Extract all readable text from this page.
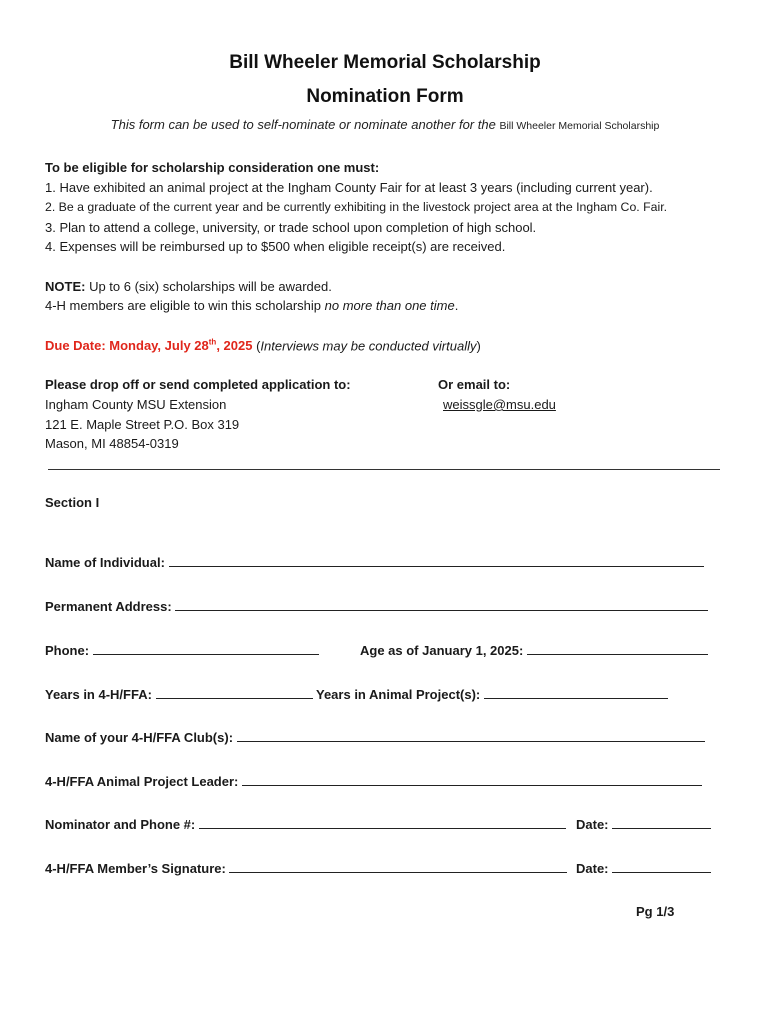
Bill Wheeler Memorial Scholarship
Nomination Form
This form can be used to self-nominate or nominate another for the Bill Wheeler Memorial Scholarship
To be eligible for scholarship consideration one must:
1. Have exhibited an animal project at the Ingham County Fair for at least 3 years (including current year).
2. Be a graduate of the current year and be currently exhibiting in the livestock project area at the Ingham Co. Fair.
3. Plan to attend a college, university, or trade school upon completion of high school.
4. Expenses will be reimbursed up to $500 when eligible receipt(s) are received.
NOTE: Up to 6 (six) scholarships will be awarded.
4-H members are eligible to win this scholarship no more than one time.
Due Date: Monday, July 28th, 2025 (Interviews may be conducted virtually)
Please drop off or send completed application to:
Ingham County MSU Extension
121 E. Maple Street P.O. Box 319
Mason, MI 48854-0319
Or email to:
weissgle@msu.edu
Section I
Name of Individual:
Permanent Address:
Phone:	Age as of January 1, 2025:
Years in 4-H/FFA:	Years in Animal Project(s):
Name of your 4-H/FFA Club(s):
4-H/FFA Animal Project Leader:
Nominator and Phone #:	Date:
4-H/FFA Member’s Signature:	Date:
Pg 1/3
